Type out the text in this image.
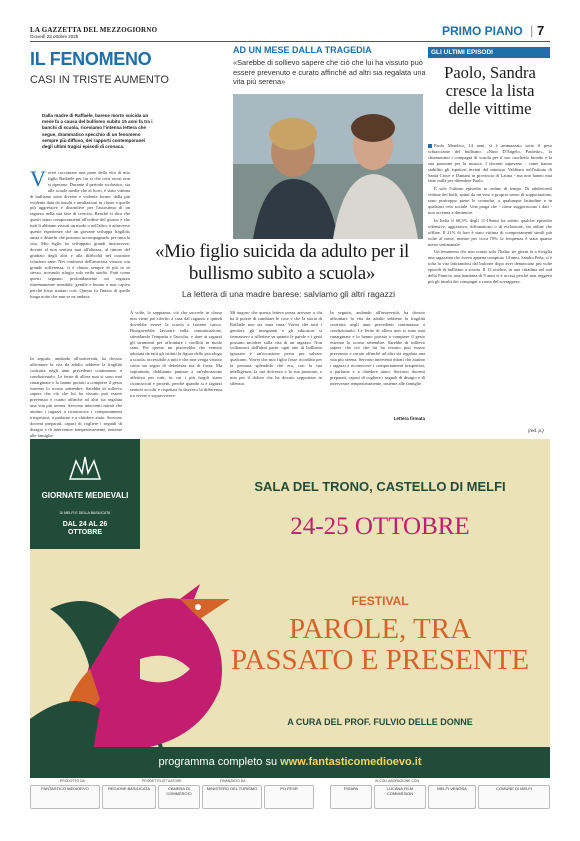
LA GAZZETTA DEL MEZZOGIORNO
Giovedì 23 ottobre 2025	PRIMO PIANO | 7
IL FENOMENO
CASI IN TRISTE AUMENTO
AD UN MESE DALLA TRAGEDIA
«Sarebbe di sollievo sapere che ciò che lui ha vissuto può essere prevenuto e curato affinché ad altri sia regalata una vita più serena»
Dalla madre di Raffaele, barese morto suicida un mese fa a causa del bullismo subito 15 anni fa tra i banchi di scuola, riceviamo l'intensa lettera che segue, drammatico specchio di un fenomeno sempre più diffuso, dei rapporti contemporanei degli ultimi tragici episodi di cronaca.
Vorrei raccontare una parte della vita di mio figlio Raffaele per far sì che certi errori non si ripetano. Durante il periodo scolastico, sia alle scuole medie che al liceo, è stato vittima di bullismo sotto diverse e violente forme, dalla più evidente data da insulti e umiliazioni in classe a quelle più aggressive e distruttive per l'autostima di un ragazzo nella sua fase di crescita. Benché si dica che questi siano comportamenti all'ordine del giorno e che tutti li abbiano vissuti un modo o nell'altro, è attraverso queste esperienze che un giovane sviluppa fragilità, ansia e disturbi che possono accompagnarlo per tutta la vita. Mio figlio ha sviluppato grandi insicurezze, dovute al non sentirsi mai all'altezza, al timore del giudizio degli altri e alla difficoltà nel costruire relazioni sane. Nei confronti dell'amicizia vissuta con grande sofferenza, si è chiuso sempre di più in sé stesso, trovando rifugio solo nello studio. Fatti come questi segnano profondamente un ragazzo estremamente sensibile, gentile e buono e non capiva perché fosse trattato così. Questo fu l'inizio di quella lunga notte che non se ne andava.
«Mio figlio suicida da adulto per il bullismo subìto a scuola»
La lettera di una madre barese: salviamo gli altri ragazzi
In seguito, andando all'università, ha dovuto affrontare la vita da adulto sebbene la fragilità costruita negli anni precedenti continuasse a condizionarlo. Le ferite di allora non si sono mai rimarginate e lo hanno portato a compiere il gesto estremo lo scorso settembre. Sarebbe di sollievo sapere che ciò che lui ha vissuto può essere prevenuto e curato affinché ad altri sia regalata una vita più serena. Servono interventi mirati che aiutino i ragazzi a riconoscere i comportamenti irrispettosi, a parlarne e a chiedere aiuto. Servono docenti preparati, capaci di cogliere i segnali di disagio e di intervenire tempestivamente, insieme alle famiglie.
A volte, lo sappiamo, ciò che succede in classe non viene poi riferito a casa dal ragazzo e quindi dovrebbe essere la scuola a farsene carico. Bisognerebbe lavorare sulla comunicazione, stimolando l'empatia e l'ascolto, e dare ai ragazzi gli strumenti per affrontare i conflitti in modo sano. Per questo mi piacerebbe che venisse adottata da tutti gli istituti la figura dello psicologo a scuola, accessibile a tutti e che non venga vissuto come un segno di debolezza ma di forza. Ma soprattutto, dobbiamo puntare a un'educazione affettiva per tutti, in cui i più fragili siano riconosciuti e protetti, perché quando si è ragazzi sentirsi accolti e rispettati fa davvero la differenza tra vivere e sopravvivere.
Mi auguro che questa lettera possa arrivare a chi ha il potere di cambiare le cose e che la storia di Raffaele non sia stata vana. Vorrei che tutti i genitori, gli insegnanti e gli educatori si fermassero a riflettere su quanto le parole e i gesti possano incidere sulla vita di un ragazzo. Non voltiamoci dall'altra parte: ogni atto di bullismo ignorato è un'occasione persa per salvare qualcuno. Vorrei che mio figlio fosse ricordato per la persona splendida che era, con la sua intelligenza, la sua dolcezza e la sua passione, e non per il dolore che ha dovuto sopportare in silenzio.
In seguito, andando all'università, ha dovuto affrontare la vita da adulto sebbene la fragilità costruita negli anni precedenti continuasse a condizionarlo. Le ferite di allora non si sono mai rimarginate e lo hanno portato a compiere il gesto estremo lo scorso settembre. Sarebbe di sollievo sapere che ciò che lui ha vissuto può essere prevenuto e curato affinché ad altri sia regalata una vita più serena. Servono interventi mirati che aiutino i ragazzi a riconoscere i comportamenti irrispettosi, a parlarne e a chiedere aiuto. Servono docenti preparati, capaci di cogliere i segnali di disagio e di intervenire tempestivamente, insieme alle famiglie.
Lettera firmata
GLI ULTIMI EPISODI
Paolo, Sandra cresce la lista delle vittime

Paolo Mendico, 14 anni, si è ammazzato sotto il peso schiacciante del bullismo. «Nino D'Angelo, Paoletto», lo chiamavano i compagni di scuola per il suo caschetto biondo e la sua passione per la musica. I docenti sapevano - come hanno stabilito gli ispettori inviati dal ministro Valditara nell'istituto di Santa Croce e Daniani in provincia di Latina - ma non hanno mai fatto nulla per difendere Paolo.

È solo l'ultimo episodio in ordine di tempo. Di adolescenti vittime dei bulli, spinti da un vero e proprio senso di sopportazione, sono purtroppo piene le cronache, a qualunque latitudine e in qualsiasi ceto sociale. Una piaga che - come suggeriscono i dati - non accenna a diminuire.

In Italia il 68,5% degli 11-19enni ha subito qualche episodio offensivo, aggressivo, diffamatorio o di esclusione, sia online che offline. Il 21% di loro è stato vittima di comportamenti simili più volte al mese, mentre per circa l'8% la frequenza è stata quanto meno settimanale.

Un fenomeno che non scuote solo l'Italia: tre giorni fa a Siviglia una ragazzina che aveva appena compiuto 14 anni, Sandra Peña, si è tolta la vita lanciandosi dal balcone dopo aver denunciato più volte episodi di bullismo a scuola. Il 13 ottobre, in una cittadina nel sud della Francia, una bambina di 9 anni si è uccisa perché non reggeva più gli insulti dei compagni a causa del sovrappeso.

(red. p.)
GIORNATE MEDIEVALI
DI MELFI E DELLA BASILICATA
DAL 24 AL 26 OTTOBRE
SALA DEL TRONO, CASTELLO DI MELFI
24-25 OTTOBRE
FESTIVAL
PAROLE, TRA PASSATO E PRESENTE
A CURA DEL PROF. FULVIO DELLE DONNE
programma completo su www.fantasticomedioevo.it
PRODOTTO DA	PROGETTO ATTUATORE	FINANZIATO DA	IN COLLABORAZIONE CON
FANTASTICO MEDIOEVO	REGIONE BASILICATA	CAMERA DI COMMERCIO
MINISTERO DEL TURISMO	PO FESR	FIDAPA	LUCANA FILM COMMISSION
MELFI VENOSA	COMUNE DI MELFI
